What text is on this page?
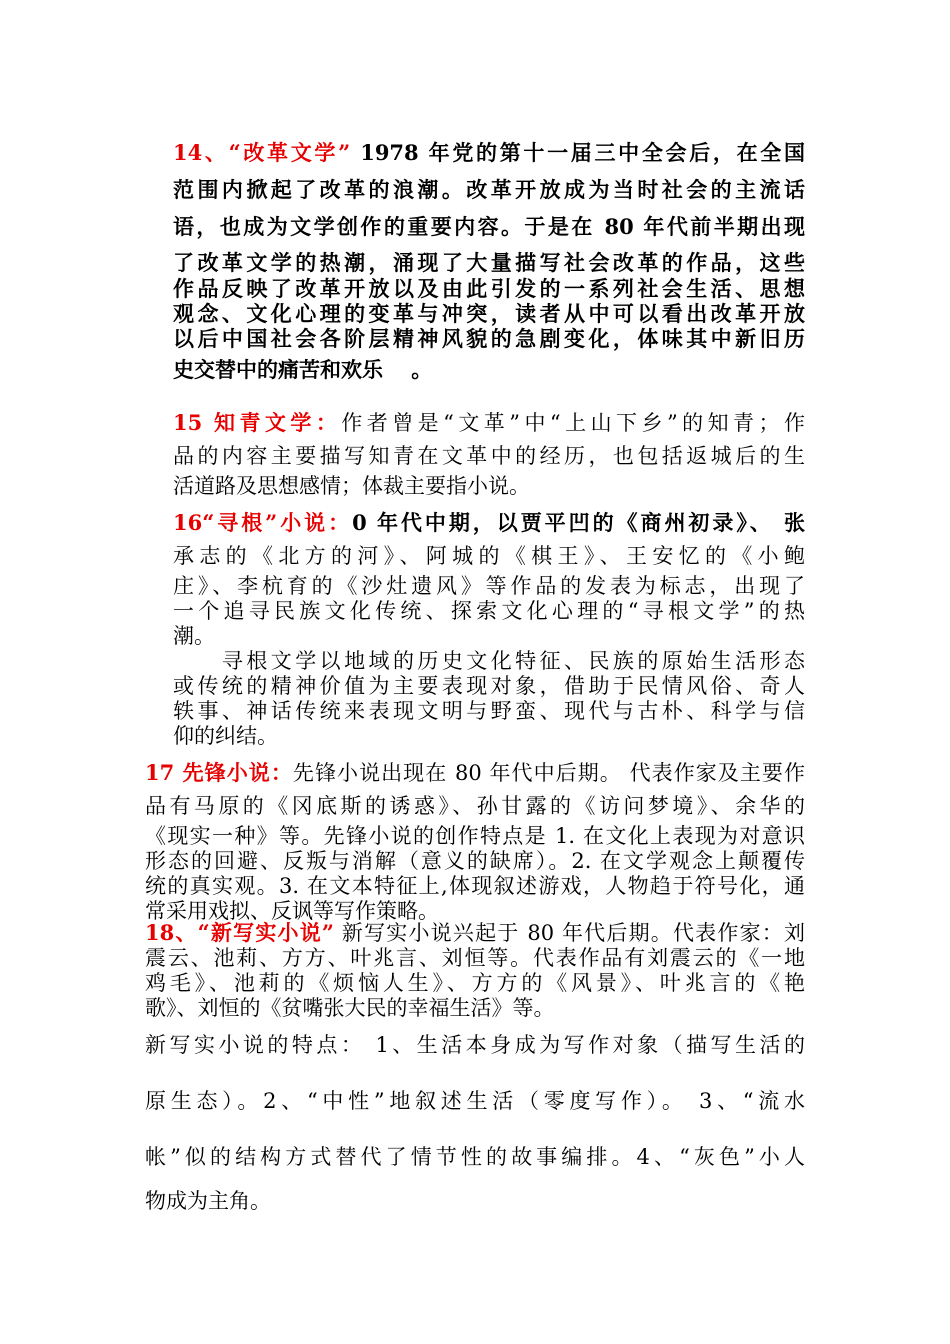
14、“改革文学” 1978 年党的第十一届三中全会后，在全国
范围内掀起了改革的浪潮。改革开放成为当时社会的主流话
语，也成为文学创作的重要内容。于是在 80 年代前半期出现
了改革文学的热潮，涌现了大量描写社会改革的作品，这些
作品反映了改革开放以及由此引发的一系列社会生活、思想
观念、文化心理的变革与冲突，读者从中可以看出改革开放
以后中国社会各阶层精神风貌的急剧变化，体味其中新旧历
史交替中的痛苦和欢乐　 。
15 知青文学：作者曾是“文革”中“上山下乡”的知青；作
品的内容主要描写知青在文革中的经历，也包括返城后的生
活道路及思想感情；体裁主要指小说。
16“寻根”小说：0 年代中期，以贾平凹的《商州初录》、 张
承志的《北方的河》、阿城的《棋王》、王安忆的《小鲍
庄》、李杭育的《沙灶遗风》等作品的发表为标志，出现了
一个追寻民族文化传统、探索文化心理的“寻根文学”的热
潮。
　　寻根文学以地域的历史文化特征、民族的原始生活形态
或传统的精神价值为主要表现对象，借助于民情风俗、奇人
轶事、神话传统来表现文明与野蛮、现代与古朴、科学与信
仰的纠结。
17 先锋小说：先锋小说出现在 80 年代中后期。 代表作家及主要作
品有马原的《冈底斯的诱惑》、孙甘露的《访问梦境》、余华的
《现实一种》等。先锋小说的创作特点是 1. 在文化上表现为对意识
形态的回避、反叛与消解（意义的缺席）。2. 在文学观念上颠覆传
统的真实观。3. 在文本特征上,体现叙述游戏，人物趋于符号化，通
常采用戏拟、反讽等写作策略。
18、“新写实小说” 新写实小说兴起于 80 年代后期。代表作家：刘
震云、池莉、方方、叶兆言、刘恒等。代表作品有刘震云的《一地
鸡毛》、池莉的《烦恼人生》、方方的《风景》、叶兆言的《艳
歌》、刘恒的《贫嘴张大民的幸福生活》等。
新写实小说的特点： 1、生活本身成为写作对象（描写生活的
原生态）。2、“中性”地叙述生活（零度写作）。 3、“流水
帐”似的结构方式替代了情节性的故事编排。4、“灰色”小人
物成为主角。
